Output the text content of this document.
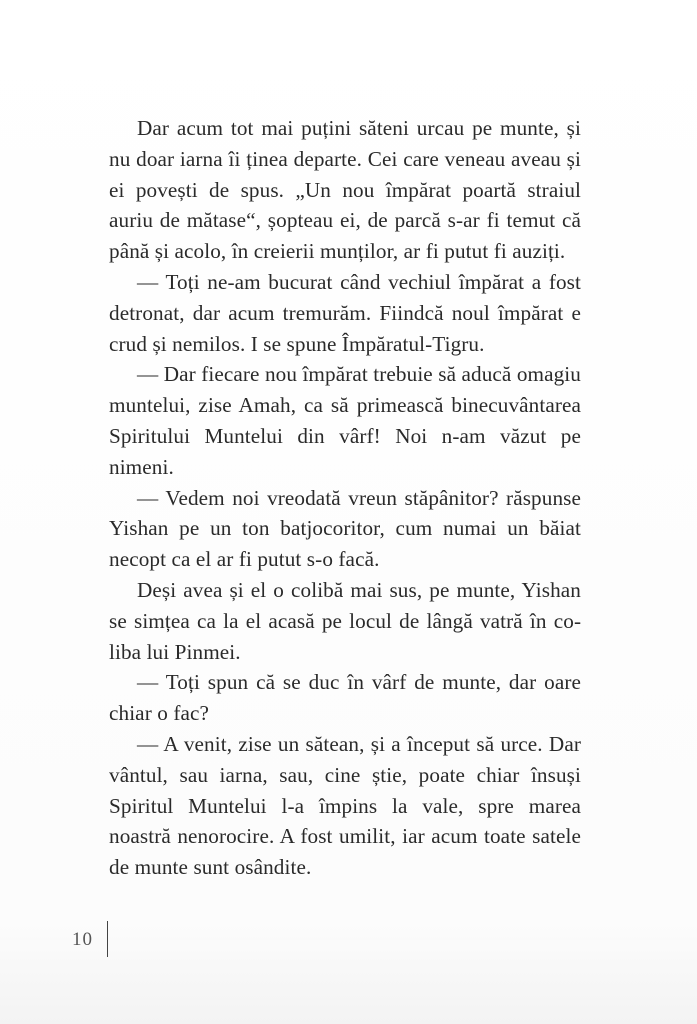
Dar acum tot mai puțini săteni urcau pe munte, și nu doar iarna îi ținea departe. Cei care veneau aveau și ei povești de spus. „Un nou împărat poartă straiul auriu de mătase“, șopteau ei, de parcă s-ar fi temut că până și acolo, în creierii munților, ar fi putut fi auziți.

— Toți ne-am bucurat când vechiul împărat a fost detronat, dar acum tremurăm. Fiindcă noul împărat e crud și nemilos. I se spune Împăratul-Tigru.

— Dar fiecare nou împărat trebuie să aducă omagiu muntelui, zise Amah, ca să primească binecuvântarea Spiritului Muntelui din vârf! Noi n-am văzut pe nimeni.

— Vedem noi vreodată vreun stăpânitor? răspunse Yishan pe un ton batjocoritor, cum numai un băiat necopt ca el ar fi putut s-o facă.

Deși avea și el o colibă mai sus, pe munte, Yishan se simțea ca la el acasă pe locul de lângă vatră în coliba lui Pinmei.

— Toți spun că se duc în vârf de munte, dar oare chiar o fac?

— A venit, zise un sătean, și a început să urce. Dar vântul, sau iarna, sau, cine știe, poate chiar însuși Spiritul Muntelui l-a împins la vale, spre marea noastră nenorocire. A fost umilit, iar acum toate satele de munte sunt osândite.

10
